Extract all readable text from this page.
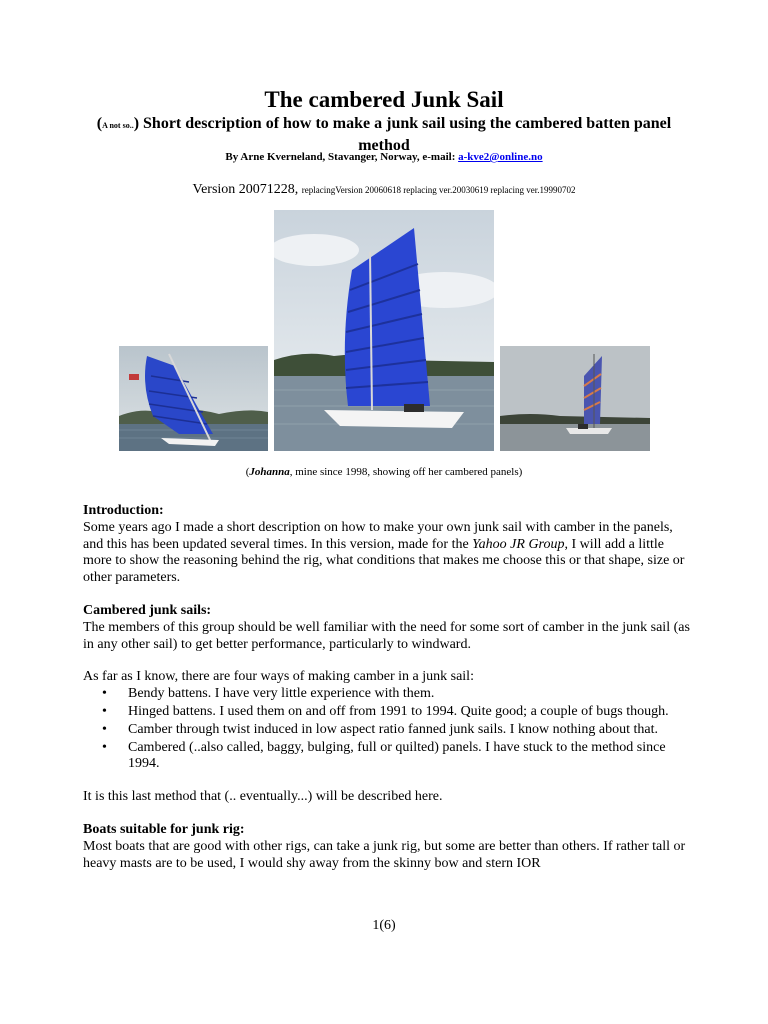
The cambered Junk Sail
(A not so..) Short description of how to make a junk sail using the cambered batten panel method
By Arne Kverneland, Stavanger, Norway, e-mail: a-kve2@online.no
Version 20071228, replacingVersion 20060618 replacing ver.20030619 replacing ver.19990702
(Johanna, mine since 1998, showing off her cambered panels)
Introduction:

Some years ago I made a short description on how to make your own junk sail with camber in the panels, and this has been updated several times. In this version, made for the Yahoo JR Group, I will add a little more to show the reasoning behind the rig, what conditions that makes me choose this or that shape, size or other parameters.

Cambered junk sails:

The members of this group should be well familiar with the need for some sort of camber in the junk sail (as in any other sail) to get better performance, particularly to windward.

As far as I know, there are four ways of making camber in a junk sail:
• Bendy battens. I have very little experience with them.
• Hinged battens. I used them on and off from 1991 to 1994. Quite good; a couple of bugs though.
• Camber through twist induced in low aspect ratio fanned junk sails. I know nothing about that.
• Cambered (..also called, baggy, bulging, full or quilted) panels. I have stuck to the method since 1994.

It is this last method that (.. eventually...) will be described here.

Boats suitable for junk rig:

Most boats that are good with other rigs, can take a junk rig, but some are better than others. If rather tall or heavy masts are to be used, I would shy away from the skinny bow and stern IOR

1(6)
